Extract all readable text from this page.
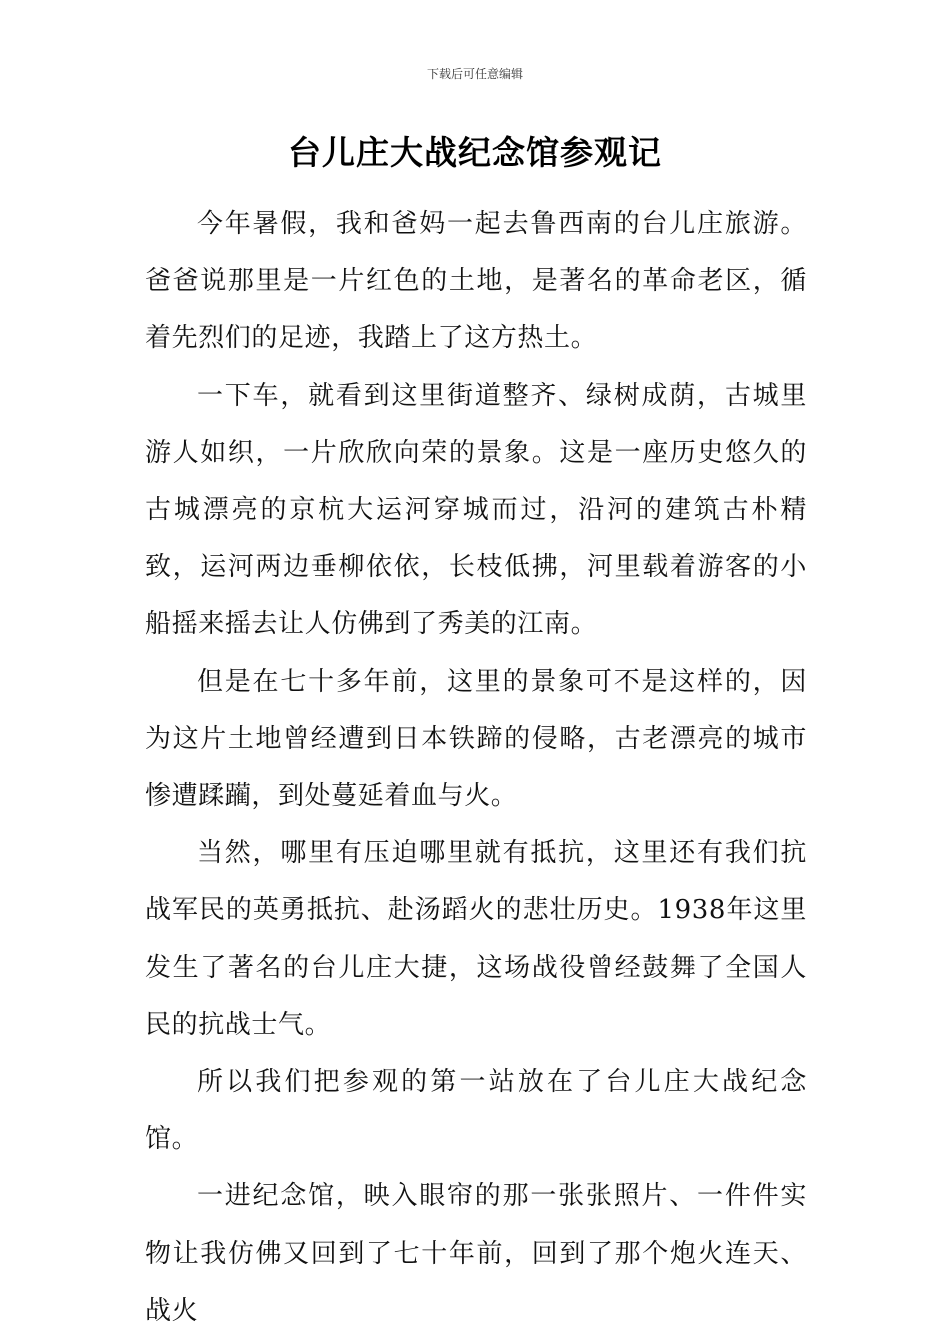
下载后可任意编辑
台儿庄大战纪念馆参观记

今年暑假，我和爸妈一起去鲁西南的台儿庄旅游。爸爸说那里是一片红色的土地，是著名的革命老区，循着先烈们的足迹，我踏上了这方热土。

一下车，就看到这里街道整齐、绿树成荫，古城里游人如织，一片欣欣向荣的景象。这是一座历史悠久的古城漂亮的京杭大运河穿城而过，沿河的建筑古朴精致，运河两边垂柳依依，长枝低拂，河里载着游客的小船摇来摇去让人仿佛到了秀美的江南。

但是在七十多年前，这里的景象可不是这样的，因为这片土地曾经遭到日本铁蹄的侵略，古老漂亮的城市惨遭蹂躏，到处蔓延着血与火。

当然，哪里有压迫哪里就有抵抗，这里还有我们抗战军民的英勇抵抗、赴汤蹈火的悲壮历史。1938年这里发生了著名的台儿庄大捷，这场战役曾经鼓舞了全国人民的抗战士气。

所以我们把参观的第一站放在了台儿庄大战纪念馆。

一进纪念馆，映入眼帘的那一张张照片、一件件实物让我仿佛又回到了七十年前，回到了那个炮火连天、战火
